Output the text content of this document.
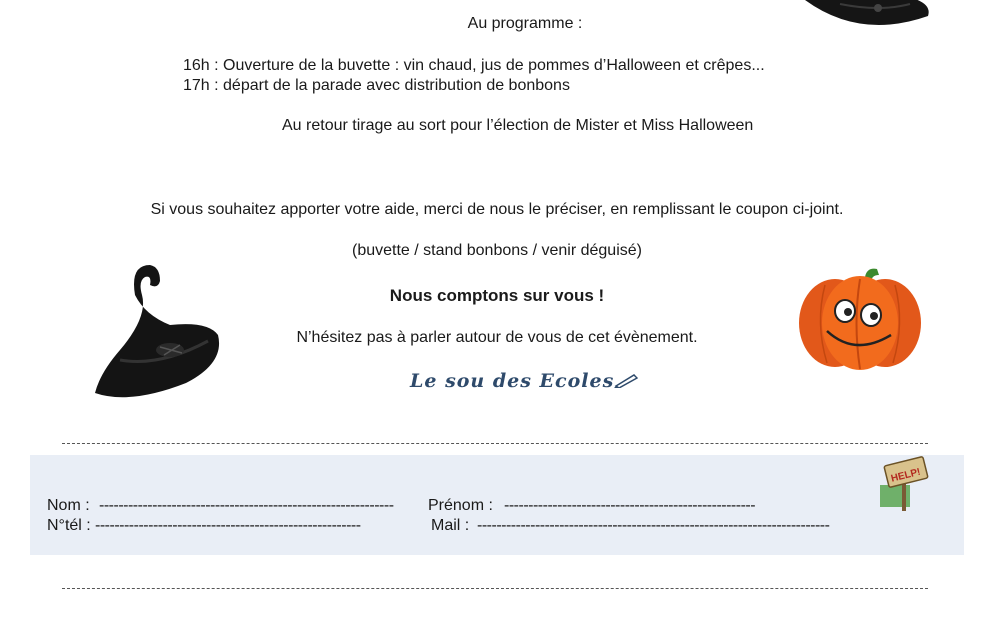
Au programme :
16h : Ouverture de la buvette : vin chaud, jus de pommes d’Halloween et crêpes...
17h : départ de la parade avec distribution de bonbons
Au retour tirage au sort pour l’élection de Mister et Miss Halloween
Si vous souhaitez apporter votre aide, merci de nous le préciser, en remplissant le coupon ci-joint.
(buvette / stand bonbons / venir déguisé)
Nous comptons sur vous !
N’hésitez pas à parler autour de vous de cet évènement.
Le sou des Ecoles
Nom : -------------------------------------------------------------	Prénom : ----------------------------------------------------
N°tél : -------------------------------------------------------	Mail : -------------------------------------------------------------------------
HELP!
